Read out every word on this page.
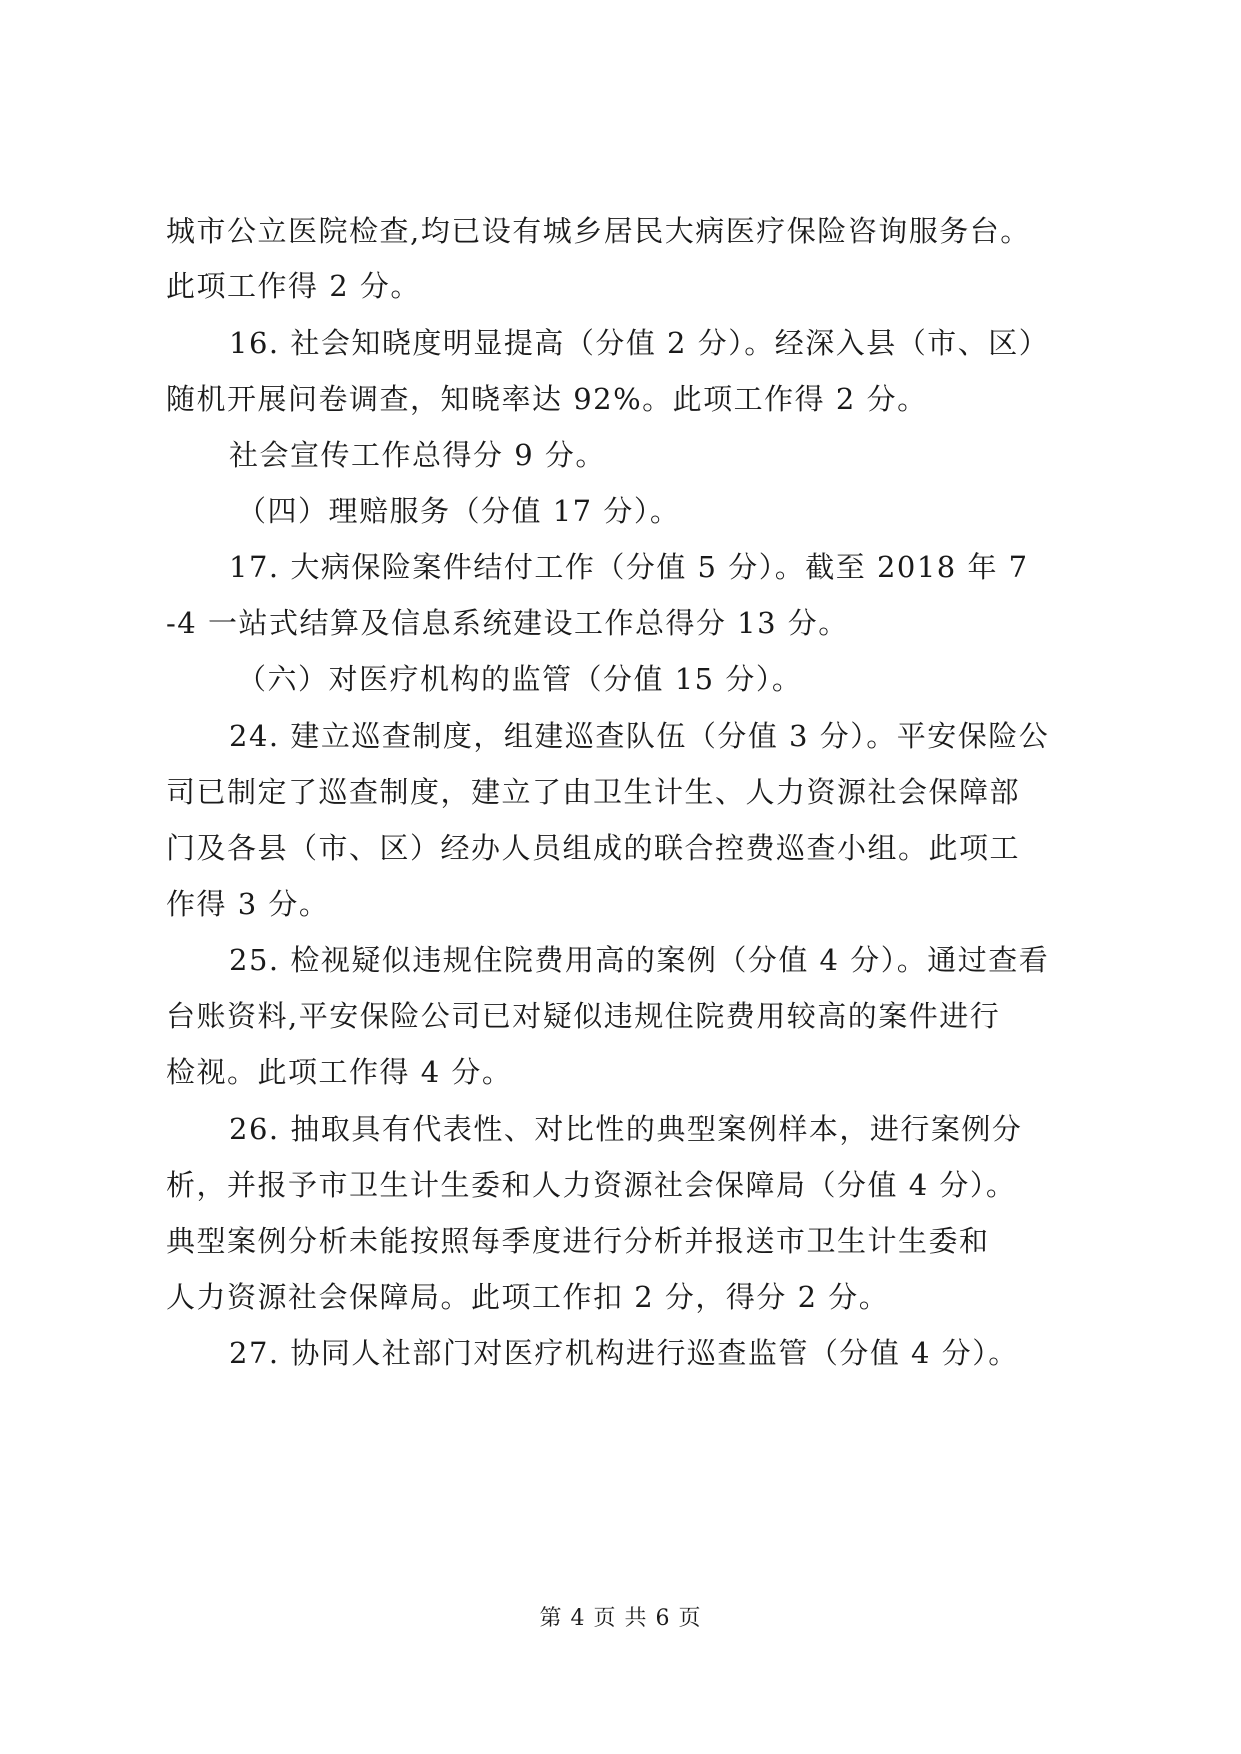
城市公立医院检查,均已设有城乡居民大病医疗保险咨询服务台。
此项工作得 2 分。
16. 社会知晓度明显提高（分值 2 分）。经深入县（市、区）
随机开展问卷调查，知晓率达 92%。此项工作得 2 分。
社会宣传工作总得分 9 分。
（四）理赔服务（分值 17 分）。
17. 大病保险案件结付工作（分值 5 分）。截至 2018 年 7
-4 一站式结算及信息系统建设工作总得分 13 分。
（六）对医疗机构的监管（分值 15 分）。
24. 建立巡查制度，组建巡查队伍（分值 3 分）。平安保险公
司已制定了巡查制度，建立了由卫生计生、人力资源社会保障部
门及各县（市、区）经办人员组成的联合控费巡查小组。此项工
作得 3 分。
25. 检视疑似违规住院费用高的案例（分值 4 分）。通过查看
台账资料,平安保险公司已对疑似违规住院费用较高的案件进行
检视。此项工作得 4 分。
26. 抽取具有代表性、对比性的典型案例样本，进行案例分
析，并报予市卫生计生委和人力资源社会保障局（分值 4 分）。
典型案例分析未能按照每季度进行分析并报送市卫生计生委和
人力资源社会保障局。此项工作扣 2 分，得分 2 分。
27. 协同人社部门对医疗机构进行巡查监管（分值 4 分）。
第 4 页 共 6 页
